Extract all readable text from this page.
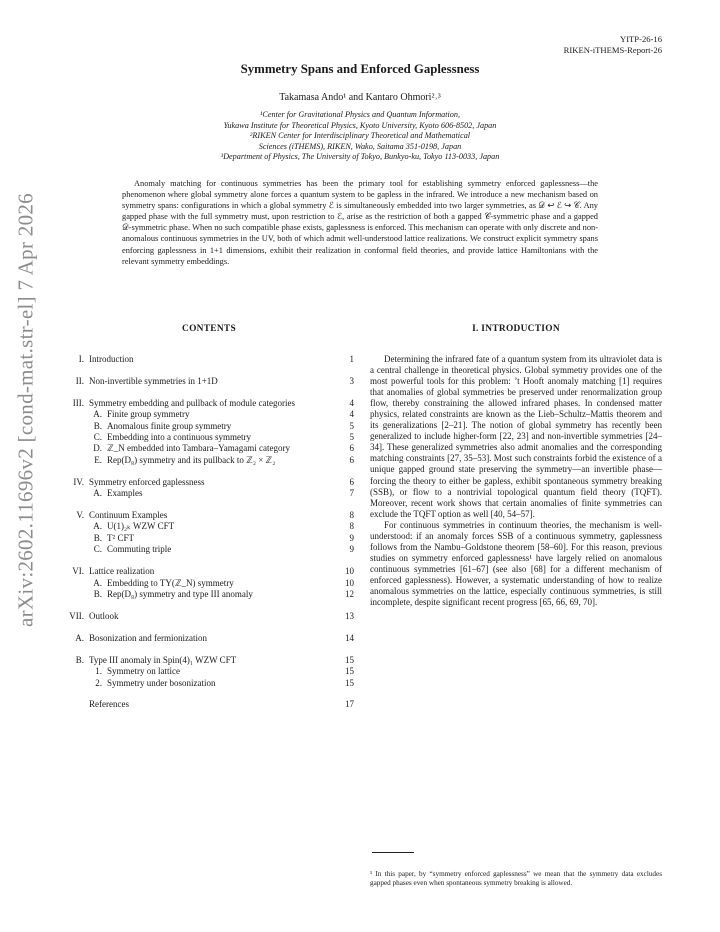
arXiv:2602.11696v2 [cond-mat.str-el] 7 Apr 2026
YITP-26-16
RIKEN-iTHEMS-Report-26
Symmetry Spans and Enforced Gaplessness
Takamasa Ando¹ and Kantaro Ohmori²˒³
¹Center for Gravitational Physics and Quantum Information,
Yukawa Institute for Theoretical Physics, Kyoto University, Kyoto 606-8502, Japan
²RIKEN Center for Interdisciplinary Theoretical and Mathematical
Sciences (iTHEMS), RIKEN, Wako, Saitama 351-0198, Japan
³Department of Physics, The University of Tokyo, Bunkyo-ku, Tokyo 113-0033, Japan
Anomaly matching for continuous symmetries has been the primary tool for establishing symmetry enforced gaplessness—the phenomenon where global symmetry alone forces a quantum system to be gapless in the infrared. We introduce a new mechanism based on symmetry spans: configurations in which a global symmetry ℰ is simultaneously embedded into two larger symmetries, as 𝒟 ↩ ℰ ↪ 𝒞. Any gapped phase with the full symmetry must, upon restriction to ℰ, arise as the restriction of both a gapped 𝒞-symmetric phase and a gapped 𝒟-symmetric phase. When no such compatible phase exists, gaplessness is enforced. This mechanism can operate with only discrete and non-anomalous continuous symmetries in the UV, both of which admit well-understood lattice realizations. We construct explicit symmetry spans enforcing gaplessness in 1+1 dimensions, exhibit their realization in conformal field theories, and provide lattice Hamiltonians with the relevant symmetry embeddings.
CONTENTS
I. Introduction	1
II. Non-invertible symmetries in 1+1D	3
III. Symmetry embedding and pullback of module categories	4
A. Finite group symmetry	4
B. Anomalous finite group symmetry	5
C. Embedding into a continuous symmetry	5
D. ℤ_N embedded into Tambara–Yamagami category	6
E. Rep(D₈) symmetry and its pullback to ℤ₂ × ℤ₂	6
IV. Symmetry enforced gaplessness	6
A. Examples	7
V. Continuum Examples	8
A. U(1)₂ₖ WZW CFT	8
B. T² CFT	9
C. Commuting triple	9
VI. Lattice realization	10
A. Embedding to TY(ℤ_N) symmetry	10
B. Rep(D₈) symmetry and type III anomaly	12
VII. Outlook	13
A. Bosonization and fermionization	14
B. Type III anomaly in Spin(4)₁ WZW CFT	15
1. Symmetry on lattice	15
2. Symmetry under bosonization	15
References	17
I. INTRODUCTION

Determining the infrared fate of a quantum system from its ultraviolet data is a central challenge in theoretical physics. Global symmetry provides one of the most powerful tools for this problem: ’t Hooft anomaly matching [1] requires that anomalies of global symmetries be preserved under renormalization group flow, thereby constraining the allowed infrared phases. In condensed matter physics, related constraints are known as the Lieb–Schultz–Mattis theorem and its generalizations [2–21]. The notion of global symmetry has recently been generalized to include higher-form [22, 23] and non-invertible symmetries [24–34]. These generalized symmetries also admit anomalies and the corresponding matching constraints [27, 35–53]. Most such constraints forbid the existence of a unique gapped ground state preserving the symmetry—an invertible phase—forcing the theory to either be gapless, exhibit spontaneous symmetry breaking (SSB), or flow to a nontrivial topological quantum field theory (TQFT). Moreover, recent work shows that certain anomalies of finite symmetries can exclude the TQFT option as well [40, 54–57].

For continuous symmetries in continuum theories, the mechanism is well-understood: if an anomaly forces SSB of a continuous symmetry, gaplessness follows from the Nambu–Goldstone theorem [58–60]. For this reason, previous studies on symmetry enforced gaplessness¹ have largely relied on anomalous continuous symmetries [61–67] (see also [68] for a different mechanism of enforced gaplessness). However, a systematic understanding of how to realize anomalous symmetries on the lattice, especially continuous symmetries, is still incomplete, despite significant recent progress [65, 66, 69, 70].

¹ In this paper, by “symmetry enforced gaplessness” we mean that the symmetry data excludes gapped phases even when spontaneous symmetry breaking is allowed.
